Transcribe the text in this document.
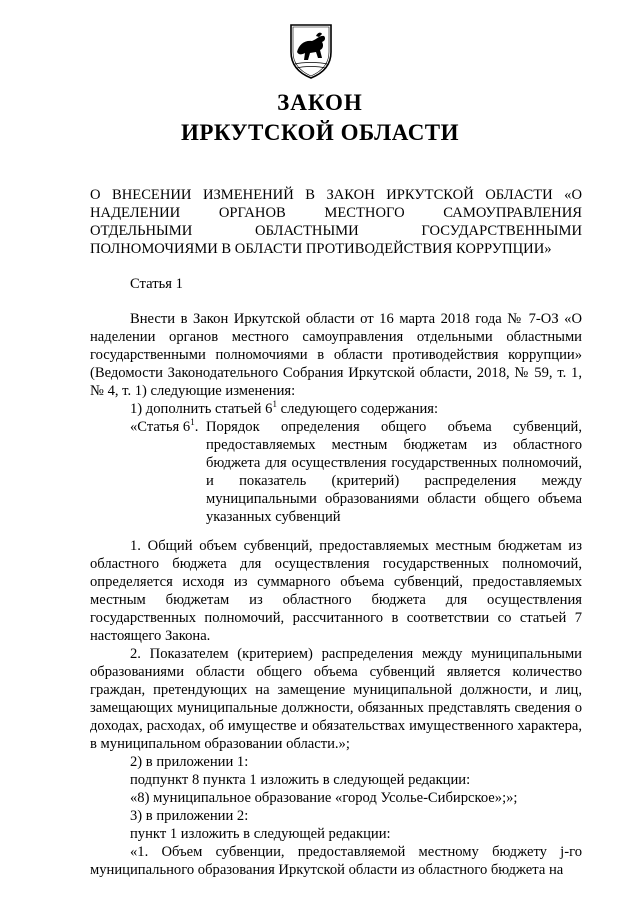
ЗАКОН
ИРКУТСКОЙ ОБЛАСТИ
О ВНЕСЕНИИ ИЗМЕНЕНИЙ В ЗАКОН ИРКУТСКОЙ ОБЛАСТИ «О НАДЕЛЕНИИ ОРГАНОВ МЕСТНОГО САМОУПРАВЛЕНИЯ ОТДЕЛЬНЫМИ ОБЛАСТНЫМИ ГОСУДАРСТВЕННЫМИ ПОЛНОМОЧИЯМИ В ОБЛАСТИ ПРОТИВОДЕЙСТВИЯ КОРРУПЦИИ»
Статья 1

Внести в Закон Иркутской области от 16 марта 2018 года № 7-ОЗ «О наделении органов местного самоуправления отдельными областными государственными полномочиями в области противодействия коррупции» (Ведомости Законодательного Собрания Иркутской области, 2018, № 59, т. 1, № 4, т. 1) следующие изменения:

1) дополнить статьей $6^1$ следующего содержания:

«Статья $6^1$. Порядок определения общего объема субвенций, предоставляемых местным бюджетам из областного бюджета для осуществления государственных полномочий, и показатель (критерий) распределения между муниципальными образованиями области общего объема указанных субвенций

1. Общий объем субвенций, предоставляемых местным бюджетам из областного бюджета для осуществления государственных полномочий, определяется исходя из суммарного объема субвенций, предоставляемых местным бюджетам из областного бюджета для осуществления государственных полномочий, рассчитанного в соответствии со статьей 7 настоящего Закона.

2. Показателем (критерием) распределения между муниципальными образованиями области общего объема субвенций является количество граждан, претендующих на замещение муниципальной должности, и лиц, замещающих муниципальные должности, обязанных представлять сведения о доходах, расходах, об имуществе и обязательствах имущественного характера, в муниципальном образовании области.»;

2) в приложении 1:

подпункт 8 пункта 1 изложить в следующей редакции:

«8) муниципальное образование «город Усолье-Сибирское»;»;

3) в приложении 2:

пункт 1 изложить в следующей редакции:

«1. Объем субвенции, предоставляемой местному бюджету j-го муниципального образования Иркутской области из областного бюджета на
